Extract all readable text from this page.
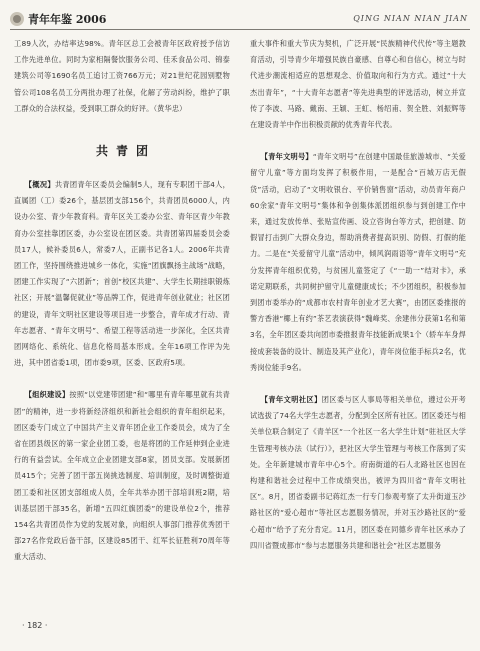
青年年鉴 2006	QING NIAN NIAN JIAN

工89人次，办结率达98%。青年区总工会被青年区政府授予信访工作先进单位。同时为家相隔餐饮服务公司、佳禾食品公司、锦泰建筑公司等1690名员工追讨工资766万元；对21世纪花园别墅物管公司108名员工分两批办理了社保，化解了劳动纠纷，维护了职工群众的合法权益，受到职工群众的好评。（黄华忠）

共青团

【概况】共青团青年区委员会编制5人，现有专职团干部4人，直属团（工）委26个，基层团支部156个，共青团员6000人，内设办公室、青少年教育科。青年区关工委办公室、青年区青少年教育办公室挂靠团区委，办公室设在团区委。共青团第四届委员会委员17人，候补委员6人，常委7人，正副书记各1人。2006年共青团工作，坚持围绕推进城乡一体化，实施“团旗飘扬主战场”战略，团建工作实现了“六团新”；首创“校区共建”、大学生长期挂职锻炼社区；开展“温馨促就业”等品牌工作，促进青年创业就业；社区团的建设，青年文明社区建设等项目进一步整合，青年成才行动、青年志愿者、“青年文明号”、希望工程等活动进一步深化，全区共青团网络化、系统化、信息化格局基本形成。全年16项工作评为先进，其中团省委1项，团市委9项，区委、区政府5项。

【组织建设】按照“以党建带团建”和“哪里有青年哪里就有共青团”的精神，进一步将新经济组织和新社会组织的青年组织起来，团区委专门成立了中国共产主义青年团企业工作委员会，成为了全省在团县级区的第一家企业团工委，也是将团的工作延伸到企业进行的有益尝试。全年成立企业团建支部8家，团员支部。发展新团员415个；完善了团干部五岗挑选制度、培训制度，及时调整街道团工委和社区团支部组成人员，全年共举办团干部培训班2期，培训基层团干部35名，新增“五四红旗团委”的建设单位2个，推荐154名共青团员作为党的发展对象，向组织人事部门推荐优秀团干部27名作党政后备干部，区建设85团干、红军长征胜利70周年等重大活动、

重大事件和重大节庆为契机，广泛开展“民族精神代代传”等主题教育活动，引导青少年增强民族自豪感、自尊心和自信心，树立与时代进步潮流相适应的思想观念、价值取向和行为方式。通过“十大杰出青年”，“十大青年志愿者”等先进典型的评选活动，树立并宣传了李波、马路、戴南、王颖、王虹、杨绍甫、贺全胜、刘振辉等在建设青羊中作出积极贡献的优秀青年代表。

【青年文明号】“青年文明号”在创建中国最佳旅游城市、“关爱留守儿童”等方面均发挥了积极作用，一是配合“百城万店无假货”活动，启动了“文明收银台、平价销售窗”活动，动员青年商户60余家“青年文明号”集体和争创集体派团组织参与到创建工作中来，通过发放传单、张贴宣传画、设立咨询台等方式，把创建、防假冒打击到广大群众身边，帮助消费者提高识别、防假、打假的能力。二是在“关爱留守儿童”活动中，倾风润雨语等“青年文明号”充分发挥青年组织优势，与贫困儿童签定了《“一助一”结对卡》，承诺定期联系，共同树护留守儿童健康成长；不少团组织，积极参加到团市委举办的“成都市农村青年创业才艺大赛”，由团区委推报的警方香港“椰上有约”茶艺表演获得“魏峰奖、余建伟分获第1名和第3名，全年团区委共向团市委推报青年技能新成果1个（轿车车身焊接成套装备的设计、制造及其产业化），青年岗位能手标兵2名，优秀岗位能手9名。

【青年文明社区】团区委与区人事局等相关单位，遵过公开考试选拔了74名大学生志愿者，分配到全区所有社区。团区委还与相关单位联合制定了《青羊区“一个社区一名大学生计划”驻社区大学生管理考核办法（试行）》，把社区大学生管理与考核工作落到了实处。全年新建城市青年中心5个。府南街道的石人北路社区也因在构建和谐社会过程中工作成绩突出，被评为四川省“青年文明社区”。8月，团省委副书记蒋红杰一行专门参观考察了太升街道玉沙路社区的“爱心超市”等社区志愿服务情况，并对玉沙路社区的“爱心超市”给予了充分肯定。11月，团区委在同德乡青年社区承办了四川省暨成都市“参与志愿服务共建和谐社会”社区志愿服务

· 182 ·
